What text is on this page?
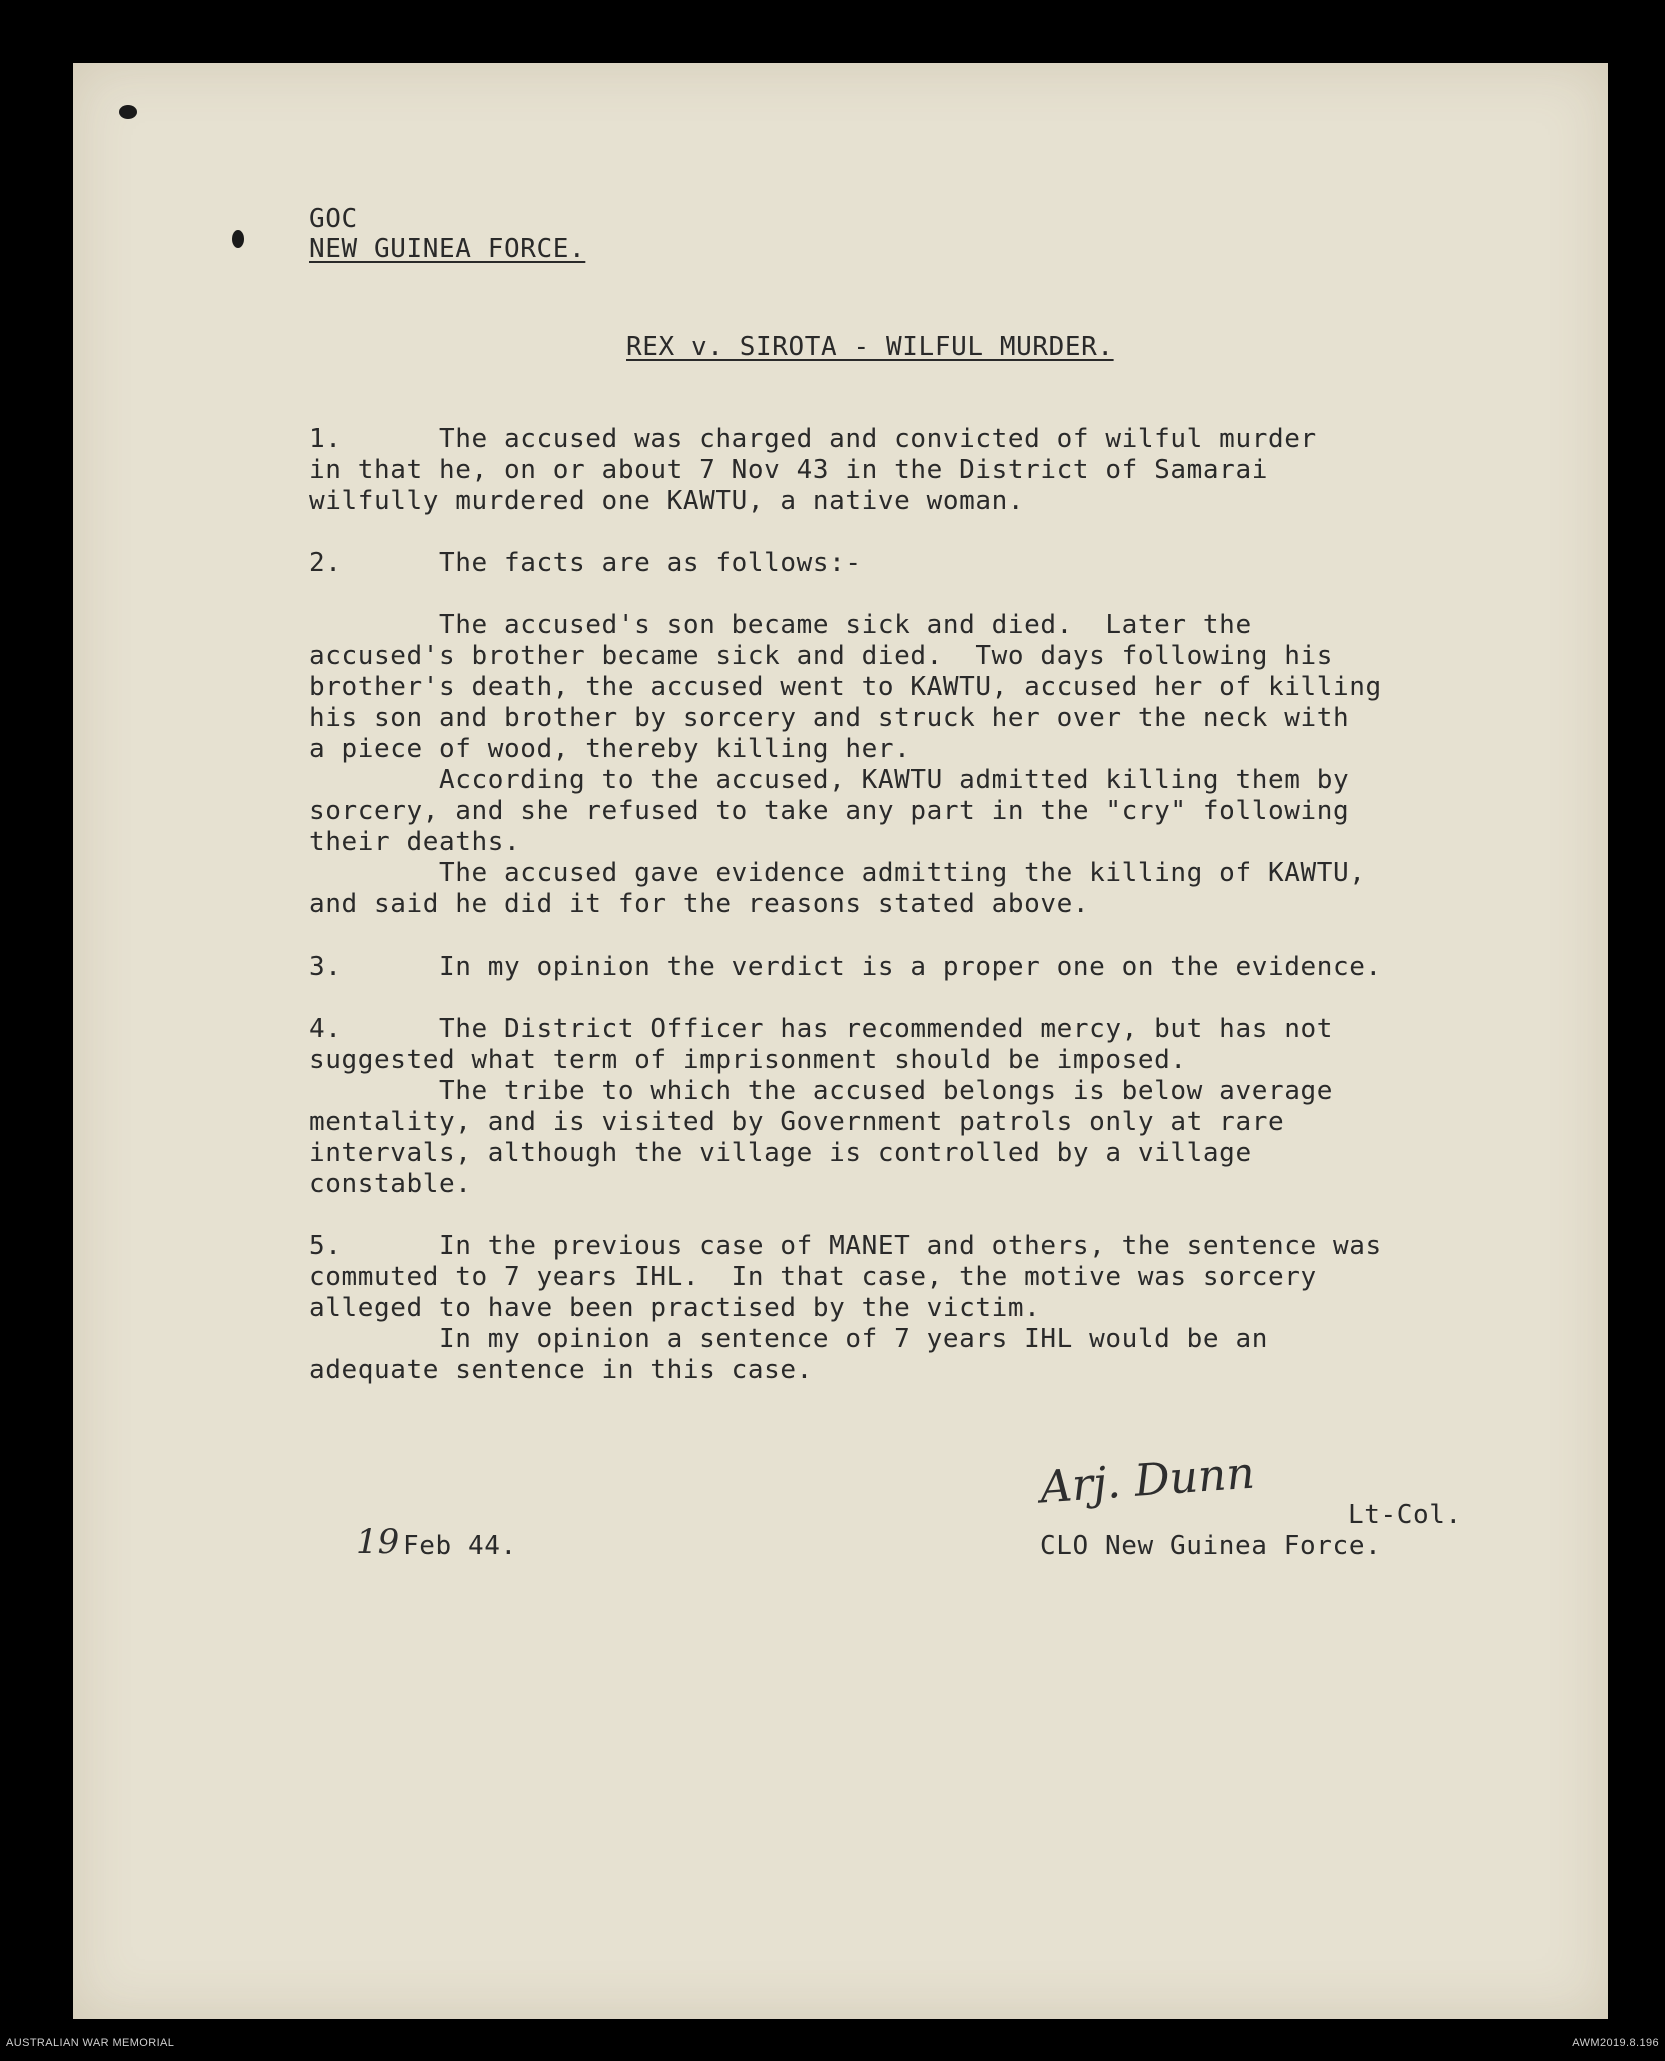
GOC
NEW GUINEA FORCE.
REX v. SIROTA - WILFUL MURDER.
1.      The accused was charged and convicted of wilful murder
in that he, on or about 7 Nov 43 in the District of Samarai
wilfully murdered one KAWTU, a native woman.
2.      The facts are as follows:-
The accused's son became sick and died.  Later the
accused's brother became sick and died.  Two days following his
brother's death, the accused went to KAWTU, accused her of killing
his son and brother by sorcery and struck her over the neck with
a piece of wood, thereby killing her.
According to the accused, KAWTU admitted killing them by
sorcery, and she refused to take any part in the "cry" following
their deaths.
The accused gave evidence admitting the killing of KAWTU,
and said he did it for the reasons stated above.
3.      In my opinion the verdict is a proper one on the evidence.
4.      The District Officer has recommended mercy, but has not
suggested what term of imprisonment should be imposed.
The tribe to which the accused belongs is below average
mentality, and is visited by Government patrols only at rare
intervals, although the village is controlled by a village
constable.
5.      In the previous case of MANET and others, the sentence was
commuted to 7 years IHL.  In that case, the motive was sorcery
alleged to have been practised by the victim.
In my opinion a sentence of 7 years IHL would be an
adequate sentence in this case.
Arj. Dunn
Lt-Col.
CLO New Guinea Force.
19 Feb 44.
AUSTRALIAN WAR MEMORIAL	AWM2019.8.196
